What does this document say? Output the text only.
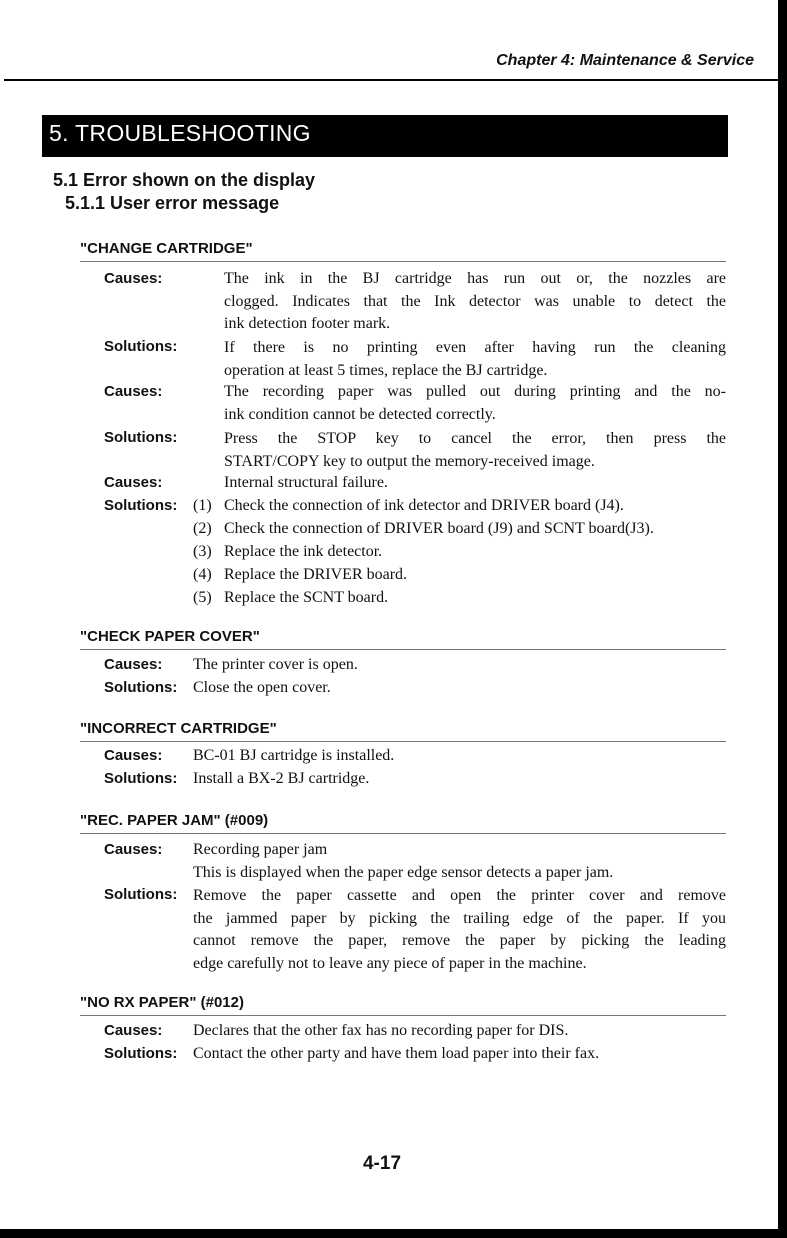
Chapter 4: Maintenance & Service
5. TROUBLESHOOTING
5.1 Error shown on the display
5.1.1 User error message
"CHANGE CARTRIDGE"
Causes:	The ink in the BJ cartridge has run out or, the nozzles are
clogged. Indicates that the Ink detector was unable to detect the
ink detection footer mark.
Solutions:	If there is no printing even after having run the cleaning
operation at least 5 times, replace the BJ cartridge.
Causes:	The recording paper was pulled out during printing and the no-
ink condition cannot be detected correctly.
Solutions:	Press the STOP key to cancel the error, then press the
START/COPY key to output the memory-received image.
Causes:	Internal structural failure.
Solutions: (1) Check the connection of ink detector and DRIVER board (J4).
(2) Check the connection of DRIVER board (J9) and SCNT board(J3).
(3) Replace the ink detector.
(4) Replace the DRIVER board.
(5) Replace the SCNT board.
"CHECK PAPER COVER"
Causes: The printer cover is open.
Solutions: Close the open cover.
"INCORRECT CARTRIDGE"
Causes: BC-01 BJ cartridge is installed.
Solutions: Install a BX-2 BJ cartridge.
"REC. PAPER JAM" (#009)
Causes: Recording paper jam
This is displayed when the paper edge sensor detects a paper jam.
Solutions: Remove the paper cassette and open the printer cover and remove
the jammed paper by picking the trailing edge of the paper. If you
cannot remove the paper, remove the paper by picking the leading
edge carefully not to leave any piece of paper in the machine.
"NO RX PAPER" (#012)
Causes: Declares that the other fax has no recording paper for DIS.
Solutions: Contact the other party and have them load paper into their fax.
4-17
